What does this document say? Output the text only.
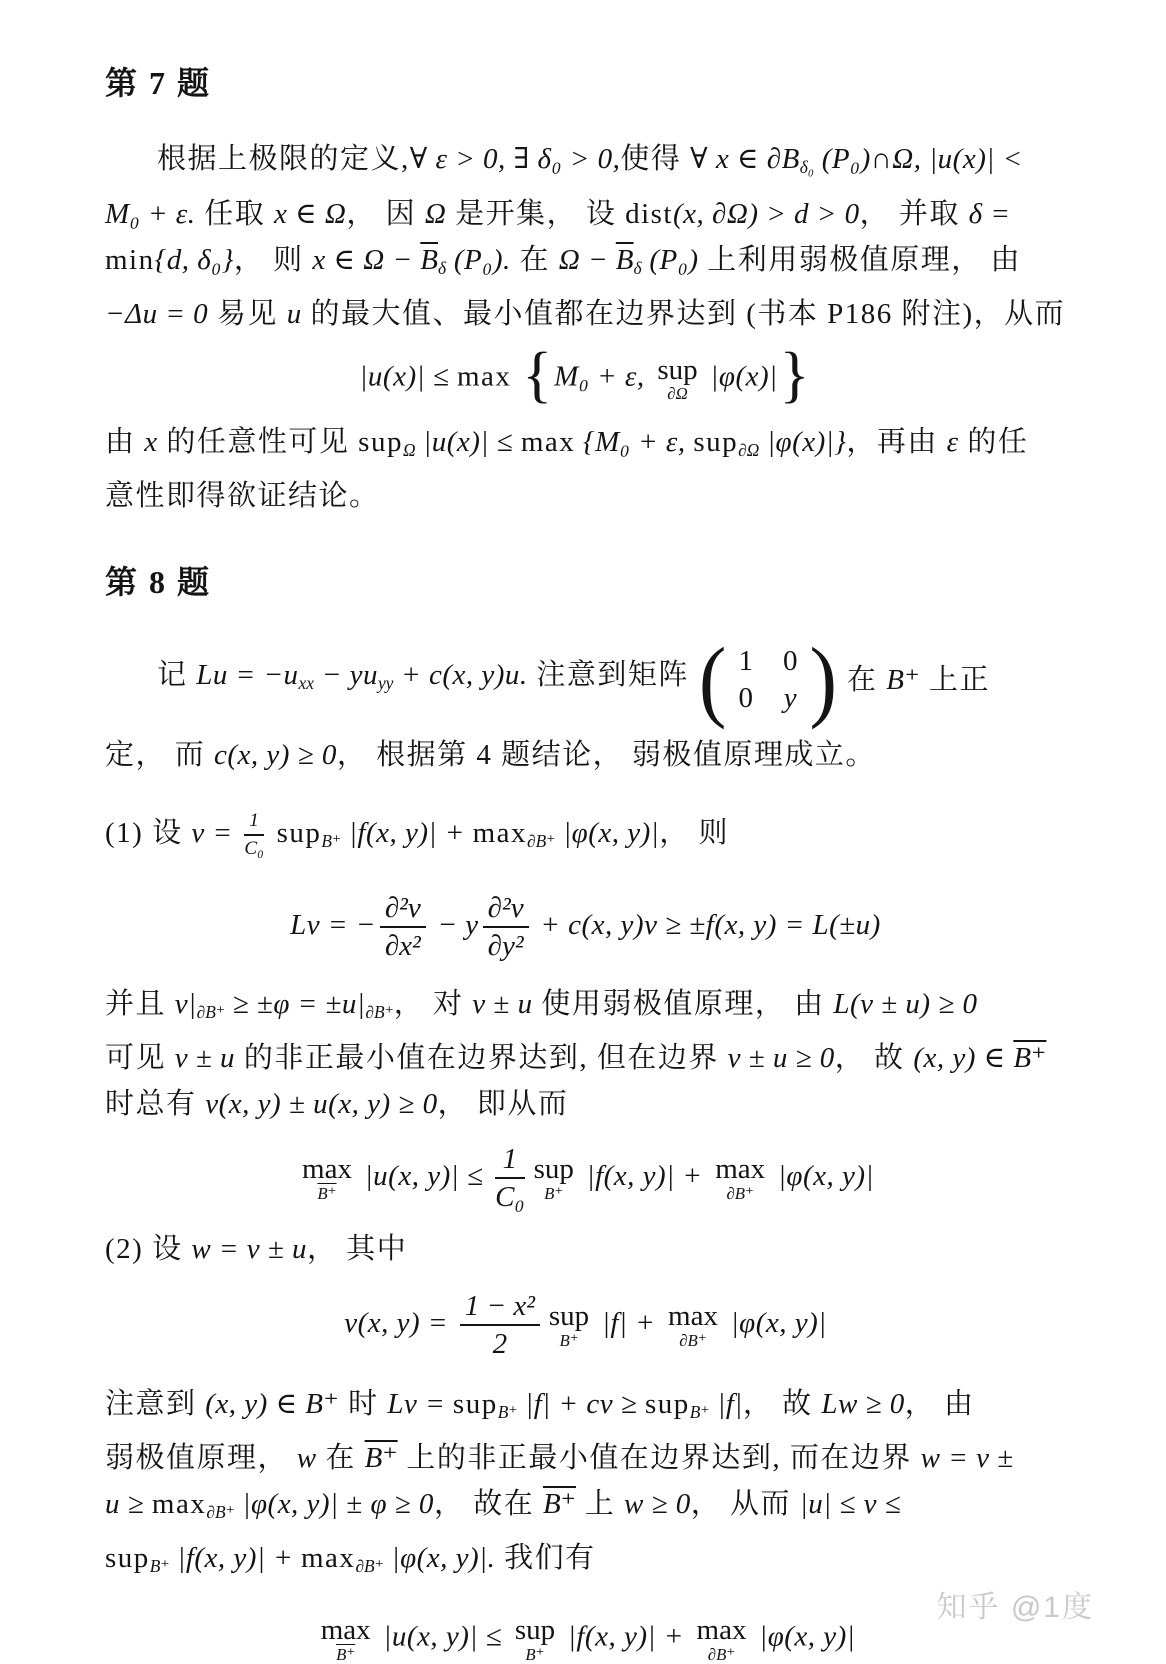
第 7 题
根据上极限的定义,∀ ε > 0, ∃ δ₀ > 0,使得 ∀ x ∈ ∂Bδ₀ (P₀)∩Ω, |u(x)| <
M₀ + ε. 任取 x ∈ Ω， 因 Ω 是开集， 设 dist(x, ∂Ω) > d > 0， 并取 δ =
min{d, δ₀}， 则 x ∈ $\Omega - \overline{B}\delta$ (P₀). 在 $\Omega - \overline{B}\delta$ (P₀) 上利用弱极值原理， 由
−Δu = 0 易见 u 的最大值、最小值都在边界达到 (书本 P186 附注)，从而
|u(x)| ≤ max {M₀ + ε, sup
∂Ω
|φ(x)|}
由 x 的任意性可见 supΩ |u(x)| ≤ max {M₀ + ε, sup∂Ω |φ(x)|}，再由 ε 的任
意性即得欲证结论。
第 8 题
记 Lu = −uxx − yuyy + c(x, y)u. 注意到矩阵 ( 1 0
0 y ) 在 B⁺ 上正
定， 而 c(x, y) ≥ 0， 根据第 4 题结论， 弱极值原理成立。
(1) 设 $v = \frac{1}{\text{C₀}}$ supB⁺ |f(x, y)| + max∂B⁺ |φ(x, y)|， 则
Lv = − $\frac{\text{∂²v}}{\text{∂x²}} - y \frac{\text{∂²v}}{\text{∂y²}} + c(x$, y)v ≥ ±f(x, y) = L(±u)
并且 v|∂B⁺ ≥ ±φ = ±u|∂B⁺， 对 v ± u 使用弱极值原理， 由 L(v ± u) ≥ 0
可见 v ± u 的非正最小值在边界达到, 但在边界 v ± u ≥ 0， 故 (x, y) ∈ B⁺
时总有 v(x, y) ± u(x, y) ≥ 0， 即从而
max
B⁺
|u(x, $y)| \le \frac{1}{\text{C₀}}$ sup
B⁺
|f(x, y)| + max
∂B⁺
|φ(x, y)|
(2) 设 w = v ± u， 其中
v(x, $y) = \frac{\text{1 − x²}}{2}$ sup
B⁺
|f| + max
∂B⁺
|φ(x, y)|
注意到 (x, y) ∈ B⁺ 时 Lv = supB⁺ |f| + cv ≥ supB⁺ |f|， 故 Lw ≥ 0， 由
弱极值原理， w 在 B⁺ 上的非正最小值在边界达到, 而在边界 w = v ±
u ≥ max∂B⁺ |φ(x, y)| ± φ ≥ 0， 故在 B⁺ 上 w ≥ 0， 从而 |u| ≤ v ≤
supB⁺ |f(x, y)| + max∂B⁺ |φ(x, y)|. 我们有
max
B⁺
|u(x, y)| ≤ sup
B⁺
|f(x, y)| + max
∂B⁺
|φ(x, y)|
知乎 @1度
